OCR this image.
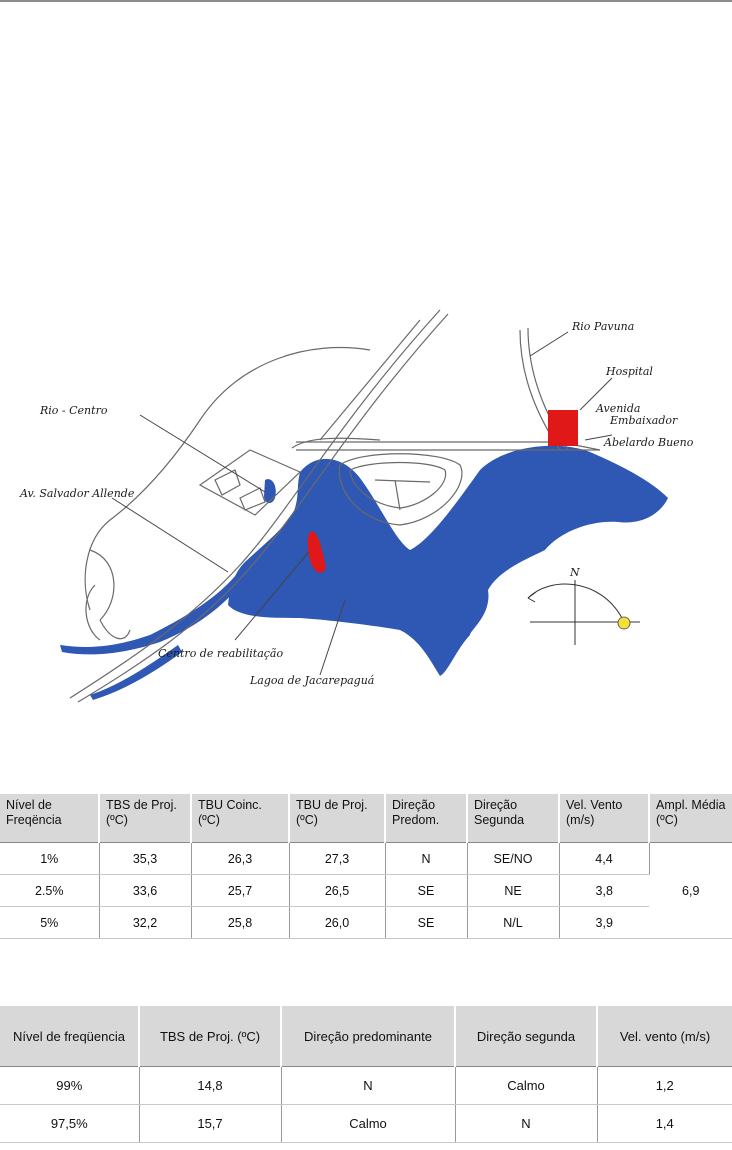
Rio Pavuna
Hospital
Avenida
Embaixador
Abelardo Bueno
Rio - Centro
Av. Salvador Allende
Centro de reabilitação
Lagoa de Jacarepaguá
N
Nível de Freqëncia	TBS de Proj. (ºC)	TBU Coinc. (ºC)	TBU de Proj. (ºC)	Direção Predom.	Direção Segunda	Vel. Vento (m/s)	Ampl. Média (ºC)
1%	35,3	26,3	27,3	N	SE/NO	4,4	6,9
2.5%	33,6	25,7	26,5	SE	NE	3,8	
5%	32,2	25,8	26,0	SE	N/L	3,9	
Nível de freqüencia	TBS de Proj. (ºC)	Direção predominante	Direção segunda	Vel. vento (m/s)
99%	14,8	N	Calmo	1,2
97,5%	15,7	Calmo	N	1,4
